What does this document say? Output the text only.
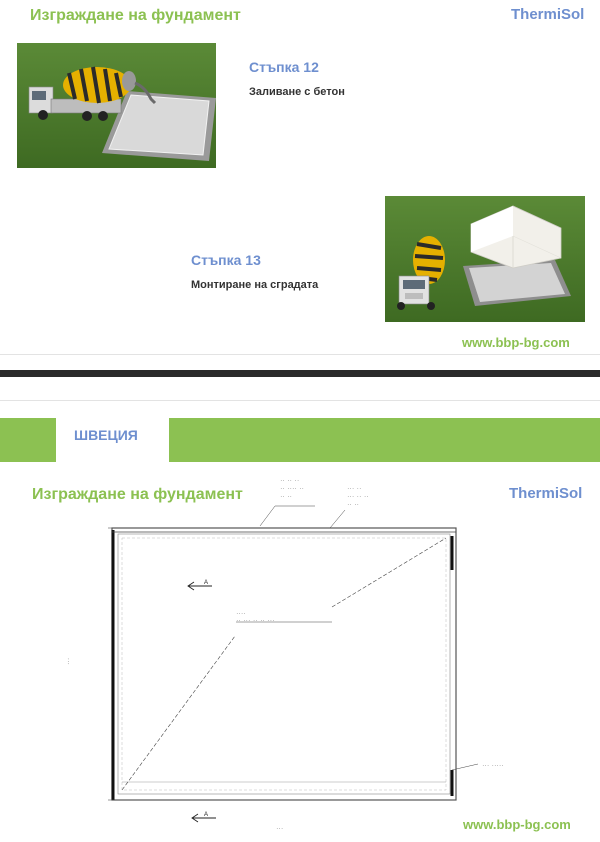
Изграждане на фундамент	ThermiSol
Стъпка 12
Заливане с бетон
Стъпка 13
Монтиране на сградата
www.bbp-bg.com
ШВЕЦИЯ
Изграждане на фундамент	ThermiSol
·· ·· ··
·· ···· ··
·· ··
··· ··
··· ·· ··
·· ··
····
·· ··· ·· ·· ···
··· ·····
···
···
A
A
www.bbp-bg.com
